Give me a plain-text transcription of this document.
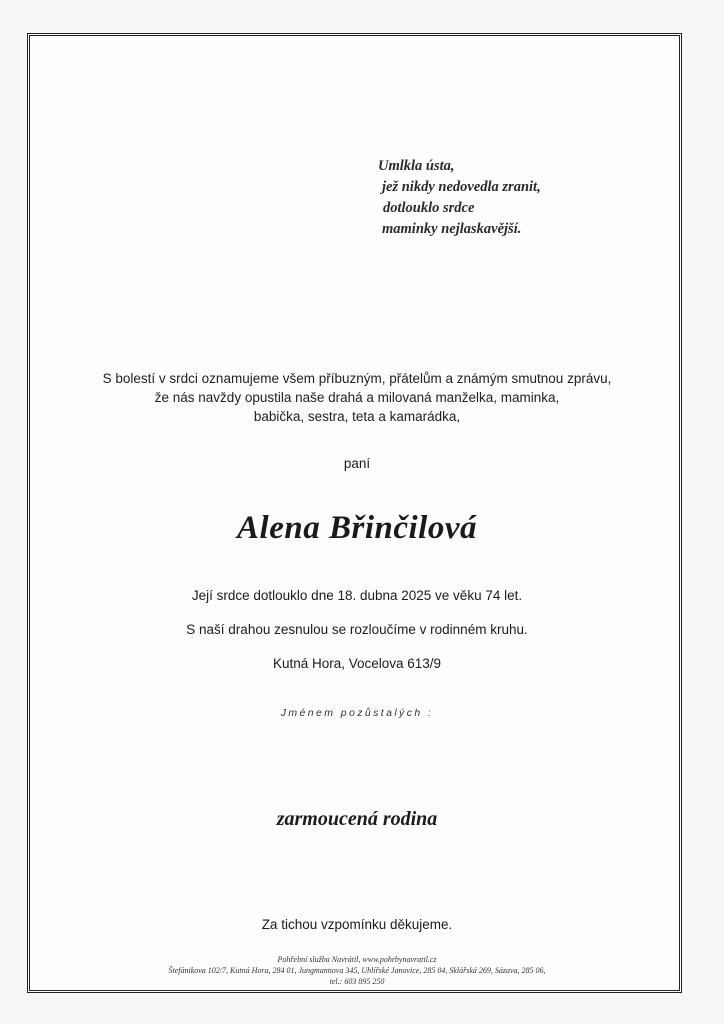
Umlkla ústa,
jež nikdy nedovedla zranit,
dotlouklo srdce
maminky nejlaskavější.
S bolestí v srdci oznamujeme všem příbuzným, přátelům a známým smutnou zprávu,
že nás navždy opustila naše drahá a milovaná manželka, maminka,
babička, sestra, teta a kamarádka,
paní
Alena Břinčilová
Její srdce dotlouklo dne 18. dubna 2025 ve věku 74 let.
S naší drahou zesnulou se rozloučíme v rodinném kruhu.
Kutná Hora, Vocelova 613/9
Jménem pozůstalých :
zarmoucená rodina
Za tichou vzpomínku děkujeme.
Pohřební služba Navrátil, www.pohrbynavratil.cz
Štefánikova 102/7, Kutná Hora, 284 01, Jungmannova 345, Uhlířské Janovice, 285 04, Sklářská 269, Sázava, 285 06,
tel.: 603 895 250
